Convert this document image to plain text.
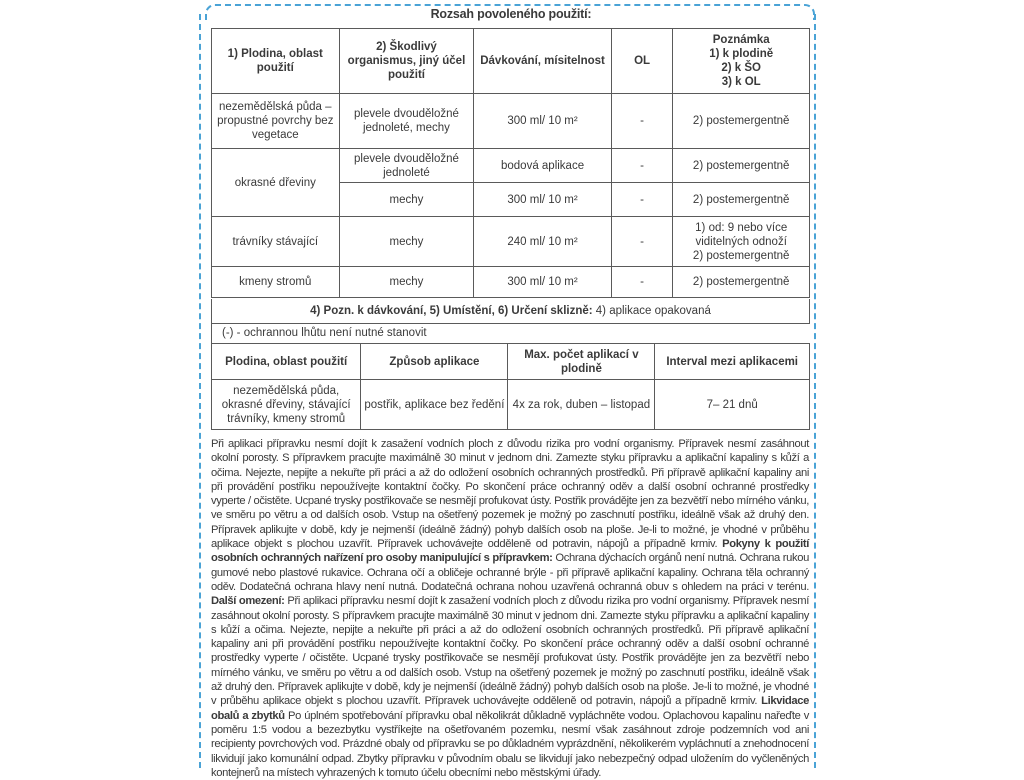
Rozsah povoleného použití:
1) Plodina, oblast použití	2) Škodlivý organismus, jiný účel použití	Dávkování, mísitelnost	OL	Poznámka
1) k plodině
2) k ŠO
3) k OL

nezemědělská půda – propustné povrchy bez vegetace	plevele dvouděložné jednoleté, mechy	300 ml/ 10 m²	-	2) postemergentně
okrasné dřeviny	plevele dvouděložné jednoleté	bodová aplikace	-	2) postemergentně
	mechy	300 ml/ 10 m²	-	2) postemergentně
trávníky stávající	mechy	240 ml/ 10 m²	-	1) od: 9 nebo více viditelných odnoží
2) postemergentně

kmeny stromů	mechy	300 ml/ 10 m²	-	2) postemergentně
4) Pozn. k dávkování, 5) Umístění, 6) Určení sklizně: 4) aplikace opakovaná
(-) - ochrannou lhůtu není nutné stanovit
Plodina, oblast použití	Způsob aplikace	Max. počet aplikací v plodině	Interval mezi aplikacemi
nezemědělská půda, okrasné dřeviny, stávající trávníky, kmeny stromů	postřik, aplikace bez ředění	4x za rok, duben – listopad	7– 21 dnů
Při aplikaci přípravku nesmí dojít k zasažení vodních ploch z důvodu rizika pro vodní organismy. Přípravek nesmí zasáhnout okolní porosty. S přípravkem pracujte maximálně 30 minut v jednom dni. Zamezte styku přípravku a aplikační kapaliny s kůží a očima. Nejezte, nepijte a nekuřte při práci a až do odložení osobních ochranných prostředků. Při přípravě aplikační kapaliny ani při provádění postřiku nepoužívejte kontaktní čočky. Po skončení práce ochranný oděv a další osobní ochranné prostředky vyperte / očistěte. Ucpané trysky postřikovače se nesmějí profukovat ústy. Postřik provádějte jen za bezvětří nebo mírného vánku, ve směru po větru a od dalších osob. Vstup na ošetřený pozemek je možný po zaschnutí postřiku, ideálně však až druhý den. Přípravek aplikujte v době, kdy je nejmenší (ideálně žádný) pohyb dalších osob na ploše. Je-li to možné, je vhodné v průběhu aplikace objekt s plochou uzavřít. Přípravek uchovávejte odděleně od potravin, nápojů a případně krmiv. Pokyny k použití osobních ochranných nařízení pro osoby manipulující s přípravkem: Ochrana dýchacích orgánů není nutná. Ochrana rukou gumové nebo plastové rukavice. Ochrana očí a obličeje ochranné brýle - při přípravě aplikační kapaliny. Ochrana těla ochranný oděv. Dodatečná ochrana hlavy není nutná. Dodatečná ochrana nohou uzavřená ochranná obuv s ohledem na práci v terénu. Další omezení: Při aplikaci přípravku nesmí dojít k zasažení vodních ploch z důvodu rizika pro vodní organismy. Přípravek nesmí zasáhnout okolní porosty. S přípravkem pracujte maximálně 30 minut v jednom dni. Zamezte styku přípravku a aplikační kapaliny s kůží a očima. Nejezte, nepijte a nekuřte při práci a až do odložení osobních ochranných prostředků. Při přípravě aplikační kapaliny ani při provádění postřiku nepoužívejte kontaktní čočky. Po skončení práce ochranný oděv a další osobní ochranné prostředky vyperte / očistěte. Ucpané trysky postřikovače se nesmějí profukovat ústy. Postřik provádějte jen za bezvětří nebo mírného vánku, ve směru po větru a od dalších osob. Vstup na ošetřený pozemek je možný po zaschnutí postřiku, ideálně však až druhý den. Přípravek aplikujte v době, kdy je nejmenší (ideálně žádný) pohyb dalších osob na ploše. Je-li to možné, je vhodné v průběhu aplikace objekt s plochou uzavřít. Přípravek uchovávejte odděleně od potravin, nápojů a případně krmiv. Likvidace obalů a zbytků Po úplném spotřebování přípravku obal několikrát důkladně vypláchněte vodou. Oplachovou kapalinu nařeďte v poměru 1:5 vodou a bezezbytku vystříkejte na ošetřovaném pozemku, nesmí však zasáhnout zdroje podzemních vod ani recipienty povrchových vod. Prázdné obaly od přípravku se po důkladném vyprázdnění, několikerém vypláchnutí a znehodnocení likvidují jako komunální odpad. Zbytky přípravku v původním obalu se likvidují jako nebezpečný odpad uložením do vyčleněných kontejnerů na místech vyhrazených k tomuto účelu obecními nebo městskými úřady.
